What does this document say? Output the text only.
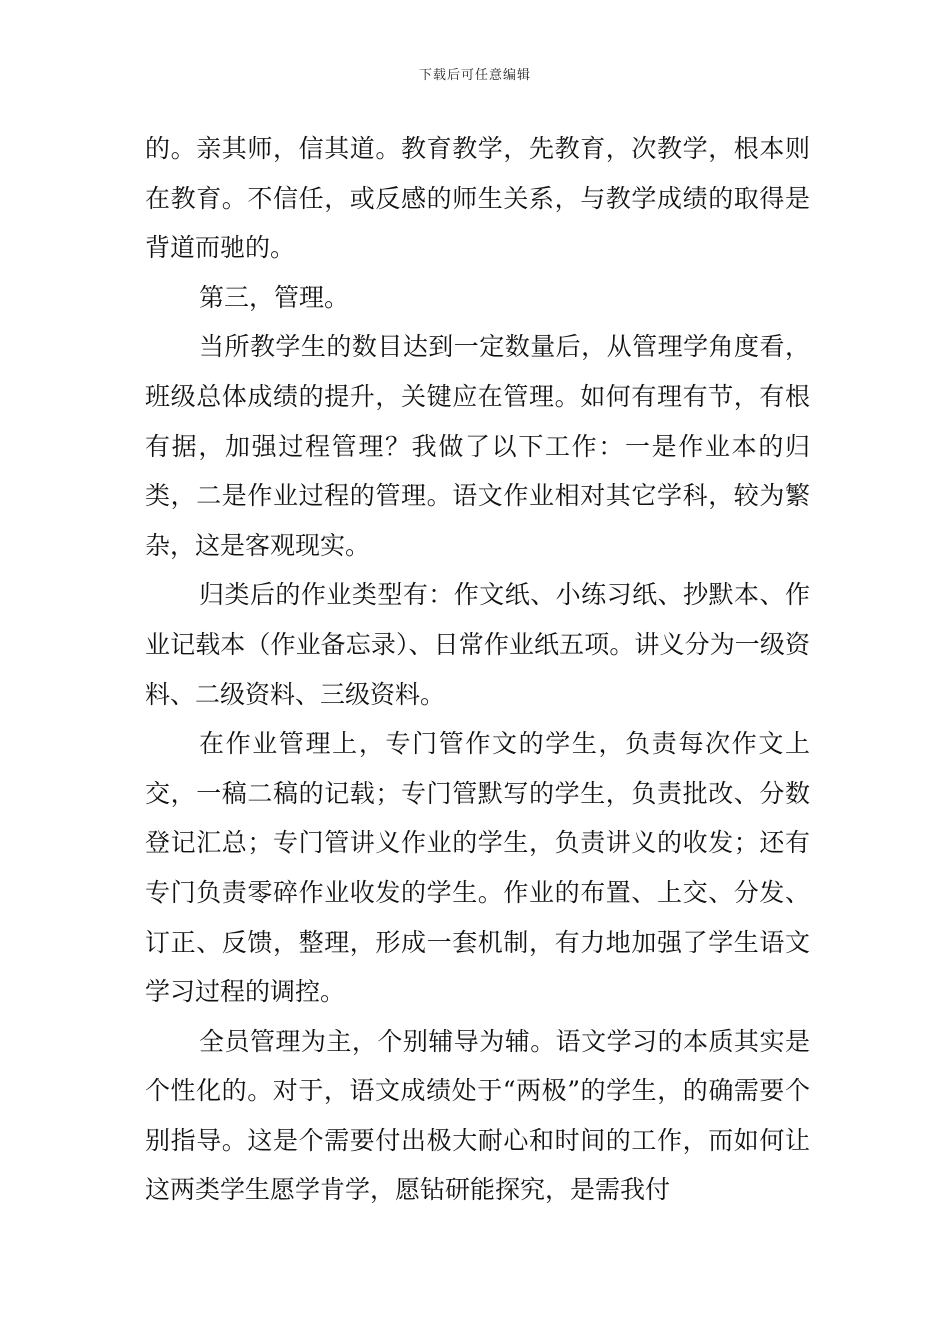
下载后可任意编辑

的。亲其师，信其道。教育教学，先教育，次教学，根本则在教育。不信任，或反感的师生关系，与教学成绩的取得是背道而驰的。

第三，管理。

当所教学生的数目达到一定数量后，从管理学角度看，班级总体成绩的提升，关键应在管理。如何有理有节，有根有据，加强过程管理？我做了以下工作：一是作业本的归类，二是作业过程的管理。语文作业相对其它学科，较为繁杂，这是客观现实。

归类后的作业类型有：作文纸、小练习纸、抄默本、作业记载本（作业备忘录）、日常作业纸五项。讲义分为一级资料、二级资料、三级资料。

在作业管理上，专门管作文的学生，负责每次作文上交，一稿二稿的记载；专门管默写的学生，负责批改、分数登记汇总；专门管讲义作业的学生，负责讲义的收发；还有专门负责零碎作业收发的学生。作业的布置、上交、分发、订正、反馈，整理，形成一套机制，有力地加强了学生语文学习过程的调控。

全员管理为主，个别辅导为辅。语文学习的本质其实是个性化的。对于，语文成绩处于“两极”的学生，的确需要个别指导。这是个需要付出极大耐心和时间的工作，而如何让这两类学生愿学肯学，愿钻研能探究，是需我付
